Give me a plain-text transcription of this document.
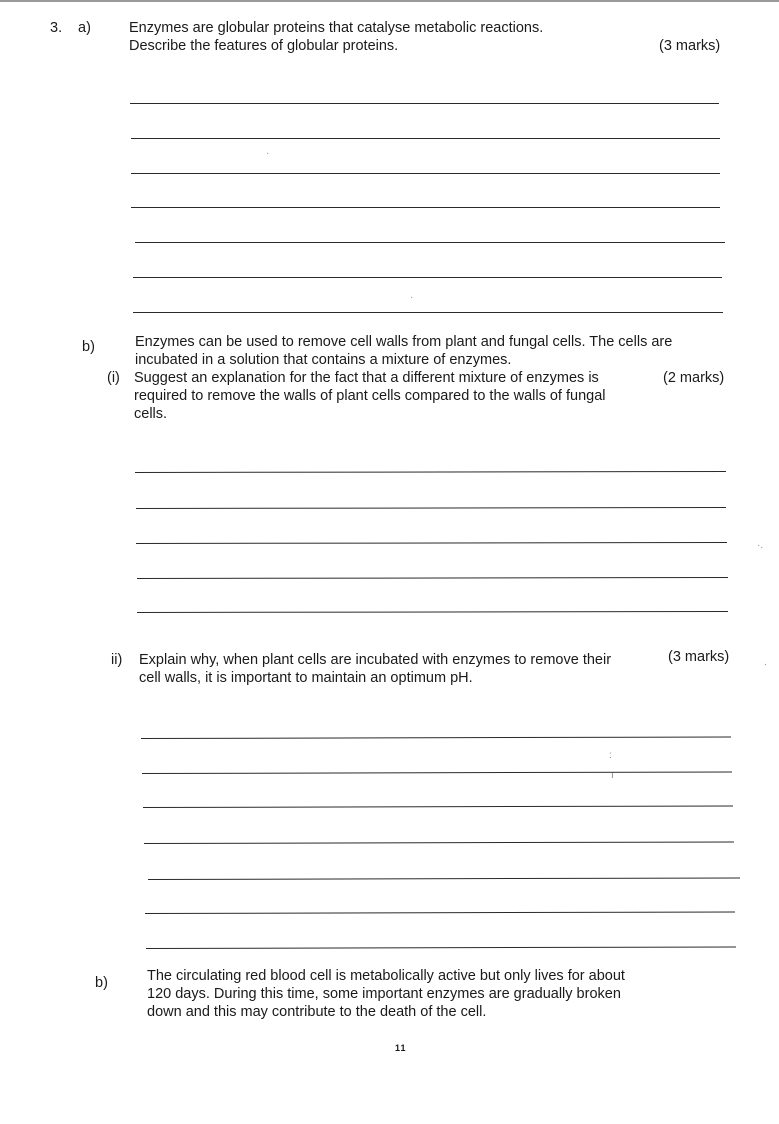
3. a)	Enzymes are globular proteins that catalyse metabolic reactions.
Describe the features of globular proteins.	(3 marks)
b)	Enzymes can be used to remove cell walls from plant and fungal cells. The cells are
incubated in a solution that contains a mixture of enzymes.
(i) Suggest an explanation for the fact that a different mixture of enzymes is	(2 marks)
required to remove the walls of plant cells compared to the walls of fungal
cells.
ii) Explain why, when plant cells are incubated with enzymes to remove their	(3 marks)
cell walls, it is important to maintain an optimum pH.
b)	The circulating red blood cell is metabolically active but only lives for about
120 days. During this time, some important enzymes are gradually broken
down and this may contribute to the death of the cell.
11
·
·
·.
.
:
ı
